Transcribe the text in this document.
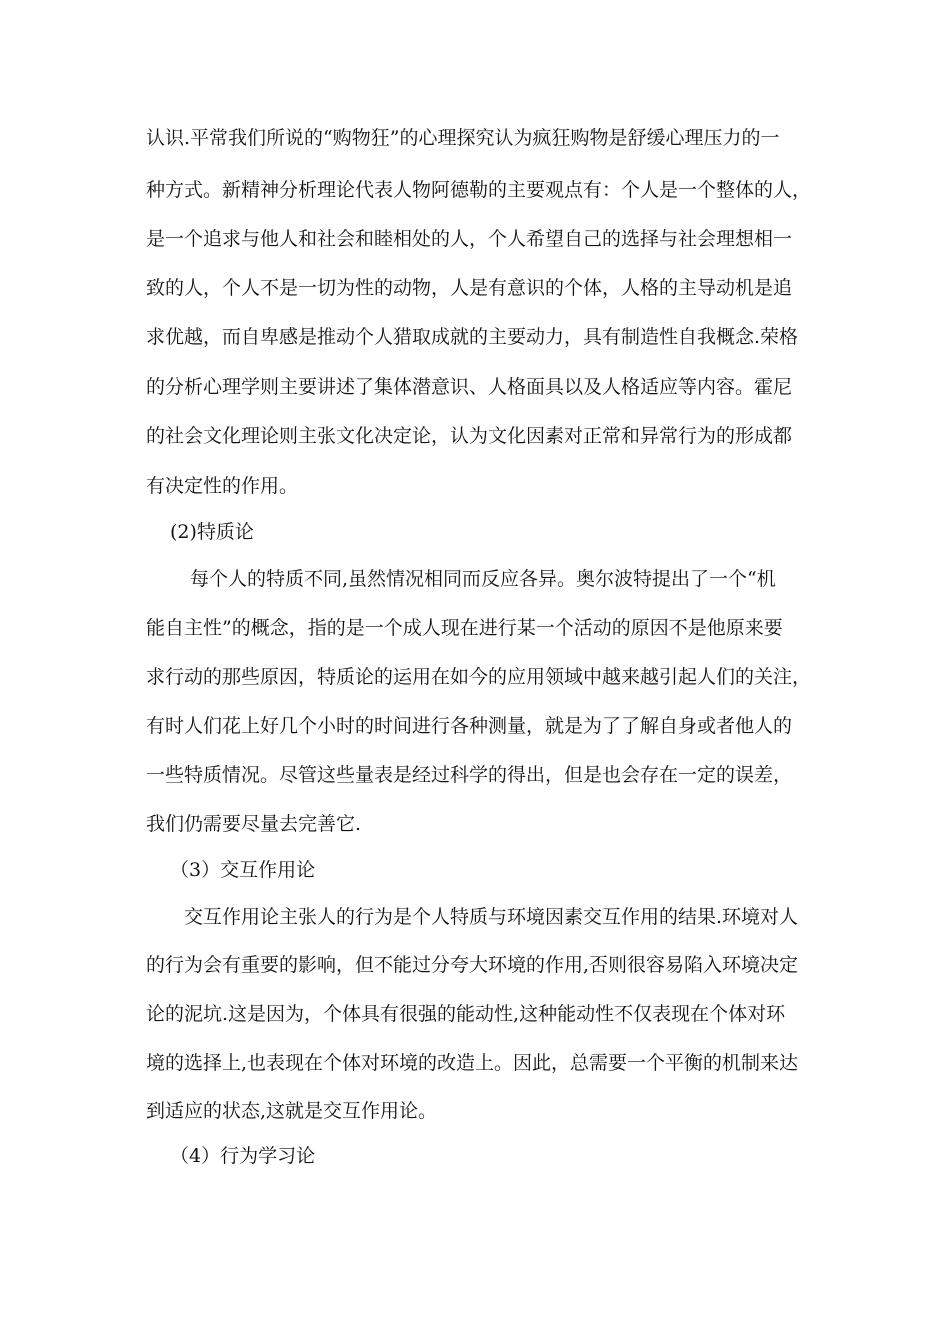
认识.平常我们所说的“购物狂”的心理探究认为疯狂购物是舒缓心理压力的一

种方式。新精神分析理论代表人物阿德勒的主要观点有：个人是一个整体的人，

是一个追求与他人和社会和睦相处的人，个人希望自己的选择与社会理想相一

致的人，个人不是一切为性的动物，人是有意识的个体，人格的主导动机是追

求优越，而自卑感是推动个人猎取成就的主要动力，具有制造性自我概念.荣格

的分析心理学则主要讲述了集体潜意识、人格面具以及人格适应等内容。霍尼

的社会文化理论则主张文化决定论，认为文化因素对正常和异常行为的形成都

有决定性的作用。

(2)特质论

每个人的特质不同,虽然情况相同而反应各异。奥尔波特提出了一个“机

能自主性”的概念，指的是一个成人现在进行某一个活动的原因不是他原来要

求行动的那些原因，特质论的运用在如今的应用领域中越来越引起人们的关注，

有时人们花上好几个小时的时间进行各种测量，就是为了了解自身或者他人的

一些特质情况。尽管这些量表是经过科学的得出，但是也会存在一定的误差，

我们仍需要尽量去完善它.

（3）交互作用论

交互作用论主张人的行为是个人特质与环境因素交互作用的结果.环境对人

的行为会有重要的影响，但不能过分夸大环境的作用,否则很容易陷入环境决定

论的泥坑.这是因为，个体具有很强的能动性,这种能动性不仅表现在个体对环

境的选择上,也表现在个体对环境的改造上。因此，总需要一个平衡的机制来达

到适应的状态,这就是交互作用论。

（4）行为学习论
